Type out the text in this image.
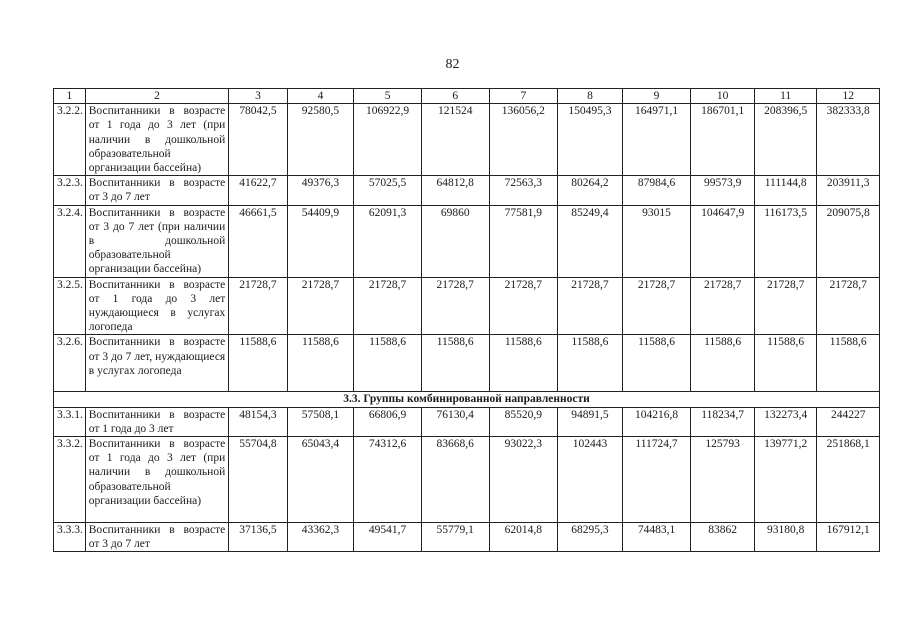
82
1	2	3	4	5	6	7	8	9	10	11	12
3.2.2.	Воспитанники в возрасте от 1 года до 3 лет (при наличии в дошкольной образовательной организации бассейна)	78042,5	92580,5	106922,9	121524	136056,2	150495,3	164971,1	186701,1	208396,5	382333,8
3.2.3.	Воспитанники в возрасте от 3 до 7 лет	41622,7	49376,3	57025,5	64812,8	72563,3	80264,2	87984,6	99573,9	111144,8	203911,3
3.2.4.	Воспитанники в возрасте от 3 до 7 лет (при наличии в дошкольной образовательной организации бассейна)	46661,5	54409,9	62091,3	69860	77581,9	85249,4	93015	104647,9	116173,5	209075,8
3.2.5.	Воспитанники в возрасте от 1 года до 3 лет нуждающиеся в услугах логопеда	21728,7	21728,7	21728,7	21728,7	21728,7	21728,7	21728,7	21728,7	21728,7	21728,7
3.2.6.	Воспитанники в возрасте от 3 до 7 лет, нуждающиеся в услугах логопеда	11588,6	11588,6	11588,6	11588,6	11588,6	11588,6	11588,6	11588,6	11588,6	11588,6
3.3. Группы комбинированной направленности											
3.3.1.	Воспитанники в возрасте от 1 года до 3 лет	48154,3	57508,1	66806,9	76130,4	85520,9	94891,5	104216,8	118234,7	132273,4	244227
3.3.2.	Воспитанники в возрасте от 1 года до 3 лет (при наличии в дошкольной образовательной организации бассейна)	55704,8	65043,4	74312,6	83668,6	93022,3	102443	111724,7	125793	139771,2	251868,1
3.3.3.	Воспитанники в возрасте от 3 до 7 лет	37136,5	43362,3	49541,7	55779,1	62014,8	68295,3	74483,1	83862	93180,8	167912,1
